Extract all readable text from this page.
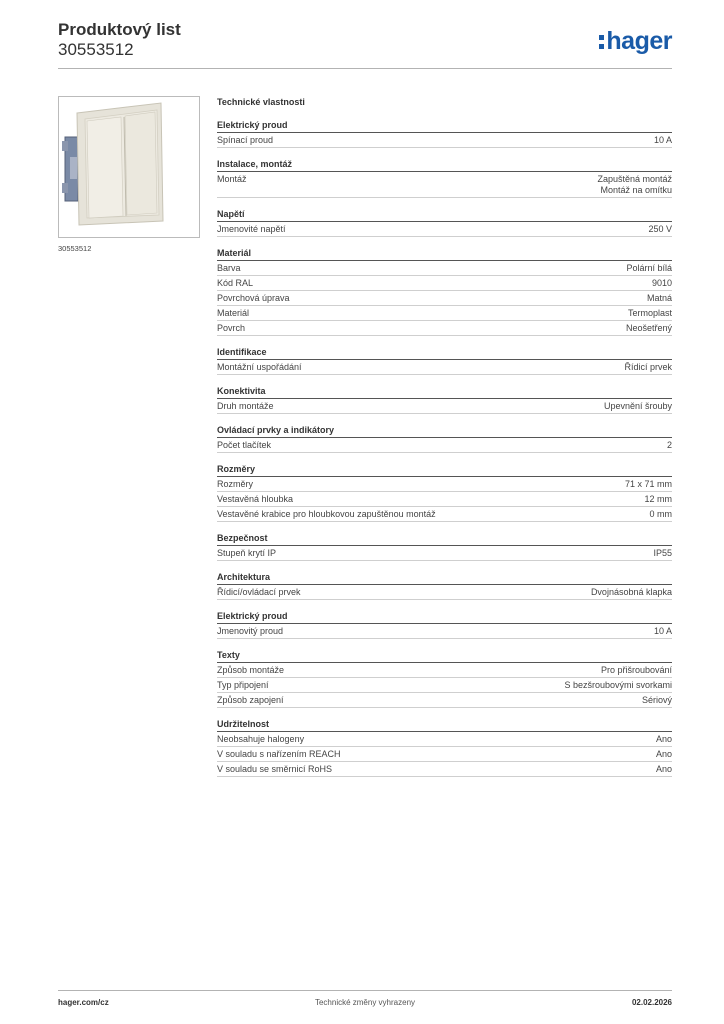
Produktový list
30553512	hager
30553512
Technické vlastnosti
Elektrický proud
Spínací proud	10 A
Instalace, montáž
Montáž	Zapuštěná montáž
Montáž na omítku
Napětí
Jmenovité napětí	250 V
Materiál
Barva	Polární bílá
Kód RAL	9010
Povrchová úprava	Matná
Materiál	Termoplast
Povrch	Neošetřený
Identifikace
Montážní uspořádání	Řídicí prvek
Konektivita
Druh montáže	Upevnění šrouby
Ovládací prvky a indikátory
Počet tlačítek	2
Rozměry
Rozměry	71 x 71 mm
Vestavěná hloubka	12 mm
Vestavěné krabice pro hloubkovou zapuštěnou montáž	0 mm
Bezpečnost
Stupeň krytí IP	IP55
Architektura
Řídicí/ovládací prvek	Dvojnásobná klapka
Elektrický proud
Jmenovitý proud	10 A
Texty
Způsob montáže	Pro přišroubování
Typ připojení	S bezšroubovými svorkami
Způsob zapojení	Sériový
Udržitelnost
Neobsahuje halogeny	Ano
V souladu s nařízením REACH	Ano
V souladu se směrnicí RoHS	Ano
hager.com/cz	Technické změny vyhrazeny	02.02.2026
